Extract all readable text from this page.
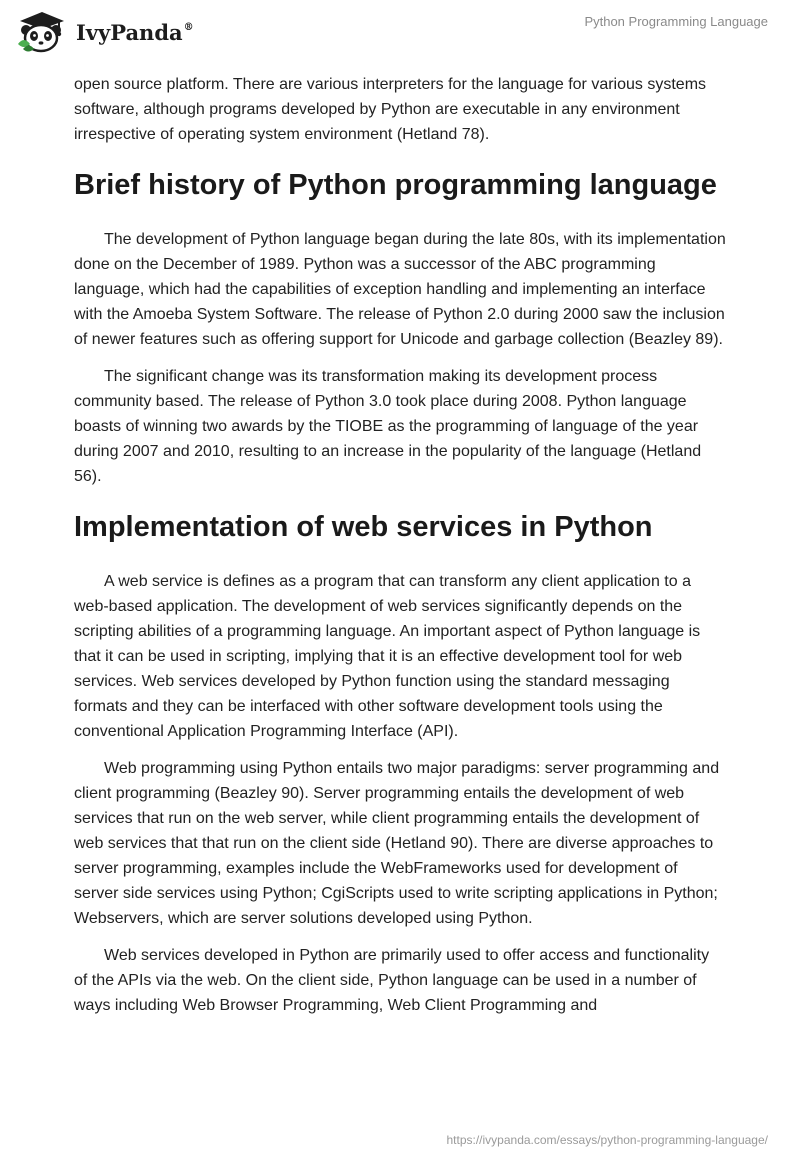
IvyPanda®	Python Programming Language

open source platform. There are various interpreters for the language for various systems software, although programs developed by Python are executable in any environment irrespective of operating system environment (Hetland 78).

Brief history of Python programming language

The development of Python language began during the late 80s, with its implementation done on the December of 1989. Python was a successor of the ABC programming language, which had the capabilities of exception handling and implementing an interface with the Amoeba System Software. The release of Python 2.0 during 2000 saw the inclusion of newer features such as offering support for Unicode and garbage collection (Beazley 89).

The significant change was its transformation making its development process community based. The release of Python 3.0 took place during 2008. Python language boasts of winning two awards by the TIOBE as the programming of language of the year during 2007 and 2010, resulting to an increase in the popularity of the language (Hetland 56).

Implementation of web services in Python

A web service is defines as a program that can transform any client application to a web-based application. The development of web services significantly depends on the scripting abilities of a programming language. An important aspect of Python language is that it can be used in scripting, implying that it is an effective development tool for web services. Web services developed by Python function using the standard messaging formats and they can be interfaced with other software development tools using the conventional Application Programming Interface (API).

Web programming using Python entails two major paradigms: server programming and client programming (Beazley 90). Server programming entails the development of web services that run on the web server, while client programming entails the development of web services that that run on the client side (Hetland 90). There are diverse approaches to server programming, examples include the WebFrameworks used for development of server side services using Python; CgiScripts used to write scripting applications in Python; Webservers, which are server solutions developed using Python.

Web services developed in Python are primarily used to offer access and functionality of the APIs via the web. On the client side, Python language can be used in a number of ways including Web Browser Programming, Web Client Programming and

https://ivypanda.com/essays/python-programming-language/
